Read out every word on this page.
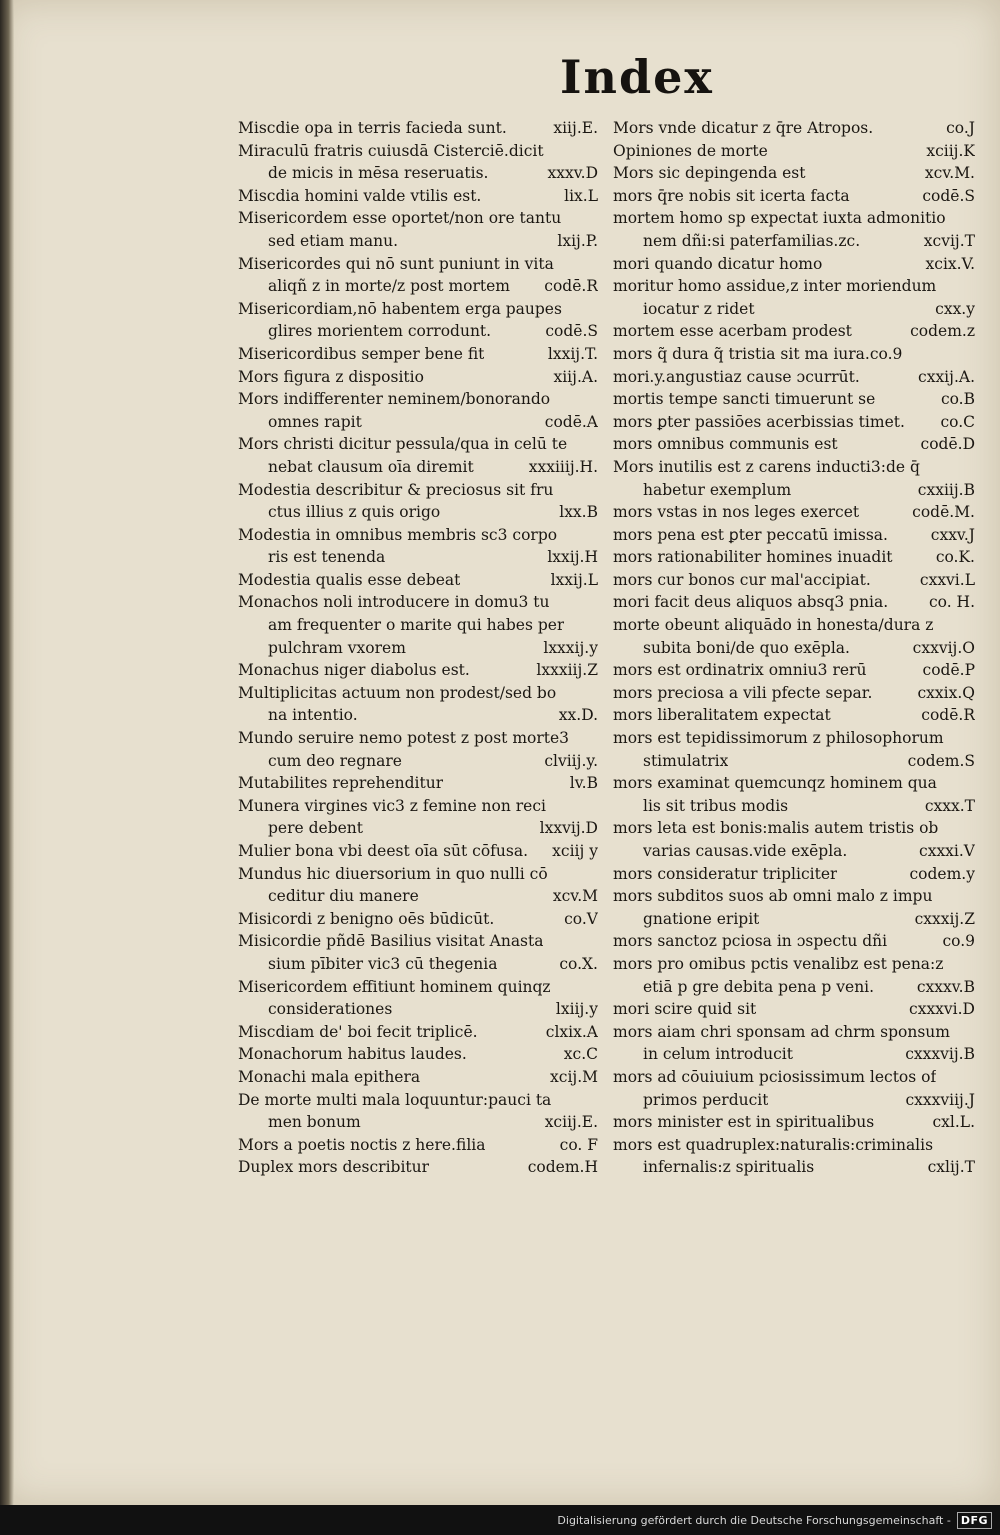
Index
Miscdie opa in terris facieda sunt.	xiij.E.
Miraculū fratris cuiusdā Cisterciē.dicit
de micis in mēsa reseruatis.	xxxv.D
Miscdia homini valde vtilis est.	lix.L
Misericordem esse oportet/non ore tantu
sed etiam manu.	lxij.P.
Misericordes qui nō sunt puniunt in vita
aliqñ z in morte/z post mortem	codē.R
Misericordiam,nō habentem erga paupes
glires morientem corrodunt.	codē.S
Misericordibus semper bene fit	lxxij.T.
Mors figura z dispositio	xiij.A.
Mors indifferenter neminem/bonorando
omnes rapit	codē.A
Mors christi dicitur pessula/qua in celū te
nebat clausum oīa diremit	xxxiiij.H.
Modestia describitur & preciosus sit fru
ctus illius z quis origo	lxx.B
Modestia in omnibus membris sc3 corpo
ris est tenenda	lxxij.H
Modestia qualis esse debeat	lxxij.L
Monachos noli introducere in domu3 tu
am frequenter o marite qui habes per
pulchram vxorem	lxxxij.y
Monachus niger diabolus est.	lxxxiij.Z
Multiplicitas actuum non prodest/sed bo
na intentio.	xx.D.
Mundo seruire nemo potest z post morte3
cum deo regnare	clviij.y.
Mutabilites reprehenditur	lv.B
Munera virgines vic3 z femine non reci
pere debent	lxxvij.D
Mulier bona vbi deest oīa sūt cōfusa.	xciij y
Mundus hic diuersorium in quo nulli cō
ceditur diu manere	xcv.M
Misicordi z benigno oēs būdicūt.	co.V
Misicordie pñdē Basilius visitat Anasta
sium pībiter vic3 cū thegenia	co.X.
Misericordem effitiunt hominem quinqz
considerationes	lxiij.y
Miscdiam de' boi fecit triplicē.	clxix.A
Monachorum habitus laudes.	xc.C
Monachi mala epithera	xcij.M
De morte multi mala loquuntur:pauci ta
men bonum	xciij.E.
Mors a poetis noctis z here.filia	co. F
Duplex mors describitur	codem.H
Mors vnde dicatur z q̄re Atropos.	co.J
Opiniones de morte	xciij.K
Mors sic depingenda est	xcv.M.
mors q̄re nobis sit icerta facta	codē.S
mortem homo sp expectat iuxta admonitio
nem dñi:si paterfamilias.zc.	xcvij.T
mori quando dicatur homo	xcix.V.
moritur homo assidue,z inter moriendum
iocatur z ridet	cxx.y
mortem esse acerbam prodest	codem.z
mors q̃ dura q̃ tristia sit ma iura.co.9
mori.y.angustiaz cause ɔcurrūt.	cxxij.A.
mortis tempe sancti timuerunt se	co.B
mors ꝑter passiōes acerbissias timet.	co.C
mors omnibus communis est	codē.D
Mors inutilis est z carens inducti3:de q̄
habetur exemplum	cxxiij.B
mors vstas in nos leges exercet	codē.M.
mors pena est ꝑter peccatū imissa.	cxxv.J
mors rationabiliter homines inuadit	co.K.
mors cur bonos cur mal'accipiat.	cxxvi.L
mori facit deus aliquos absq3 pnia.	co. H.
morte obeunt aliquādo in honesta/dura z
subita boni/de quo exēpla.	cxxvij.O
mors est ordinatrix omniu3 rerū	codē.P
mors preciosa a vili pfecte separ.	cxxix.Q
mors liberalitatem expectat	codē.R
mors est tepidissimorum z philosophorum
stimulatrix	codem.S
mors examinat quemcunqz hominem qua
lis sit tribus modis	cxxx.T
mors leta est bonis:malis autem tristis ob
varias causas.vide exēpla.	cxxxi.V
mors consideratur tripliciter	codem.y
mors subditos suos ab omni malo z impu
gnatione eripit	cxxxij.Z
mors sanctoz pciosa in ɔspectu dñi	co.9
mors pro omibus pctis venalibz est pena:z
etiā p gre debita pena p veni.	cxxxv.B
mori scire quid sit	cxxxvi.D
mors aiam chri sponsam ad chrm sponsum
in celum introducit	cxxxvij.B
mors ad cōuiuium pciosissimum lectos of
primos perducit	cxxxviij.J
mors minister est in spiritualibus	cxl.L.
mors est quadruplex:naturalis:criminalis
infernalis:z spiritualis	cxlij.T
Digitalisierung gefördert durch die Deutsche Forschungsgemeinschaft - DFG
